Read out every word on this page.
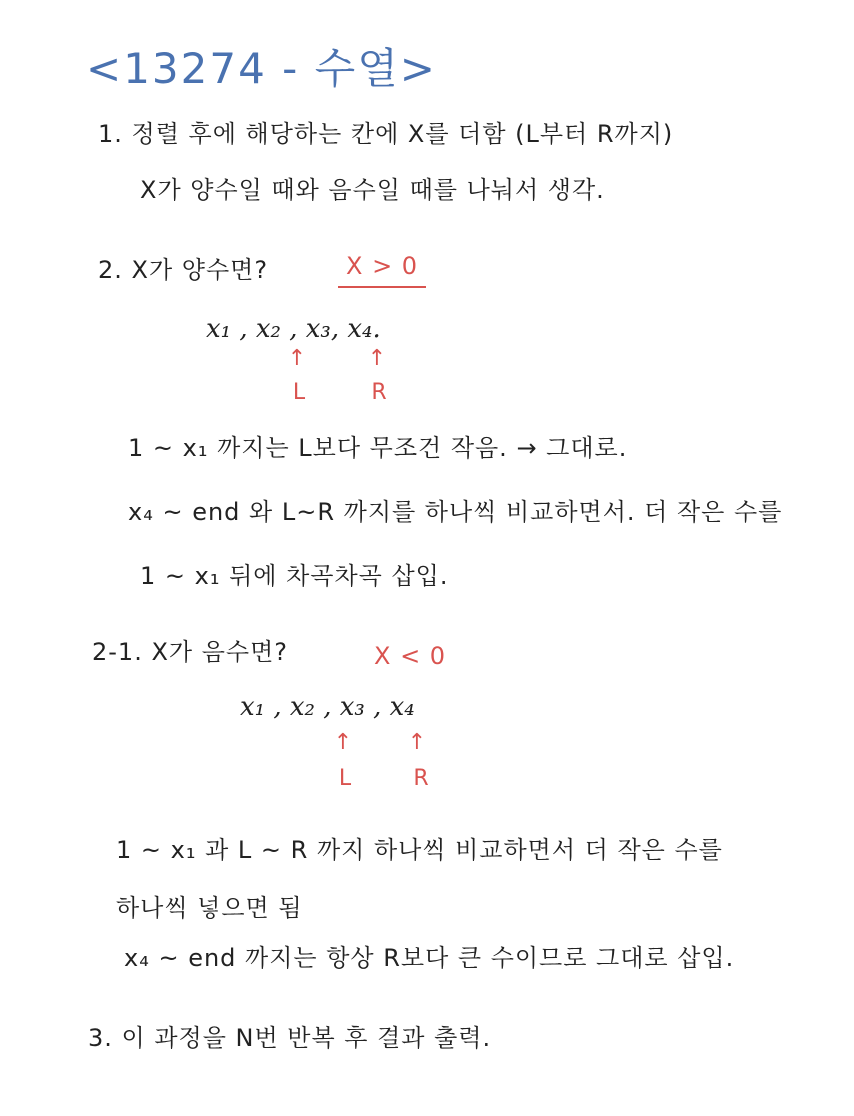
<13274 - 수열>
1. 정렬 후에 해당하는 칸에 X를 더함 (L부터 R까지)
X가 양수일 때와 음수일 때를 나눠서 생각.
2. X가 양수면?	X > 0
x₁ , x₂ , x₃, x₄.
↑	↑
L	R
1 ~ x₁ 까지는 L보다 무조건 작음. → 그대로.
x₄ ~ end 와 L~R 까지를 하나씩 비교하면서. 더 작은 수를
1 ~ x₁ 뒤에 차곡차곡 삽입.
2-1. X가 음수면?	X < 0
x₁ , x₂ , x₃ , x₄
↑	↑
L	R
1 ~ x₁ 과 L ~ R 까지 하나씩 비교하면서 더 작은 수를
하나씩 넣으면 됨
x₄ ~ end 까지는 항상 R보다 큰 수이므로 그대로 삽입.
3. 이 과정을 N번 반복 후 결과 출력.
